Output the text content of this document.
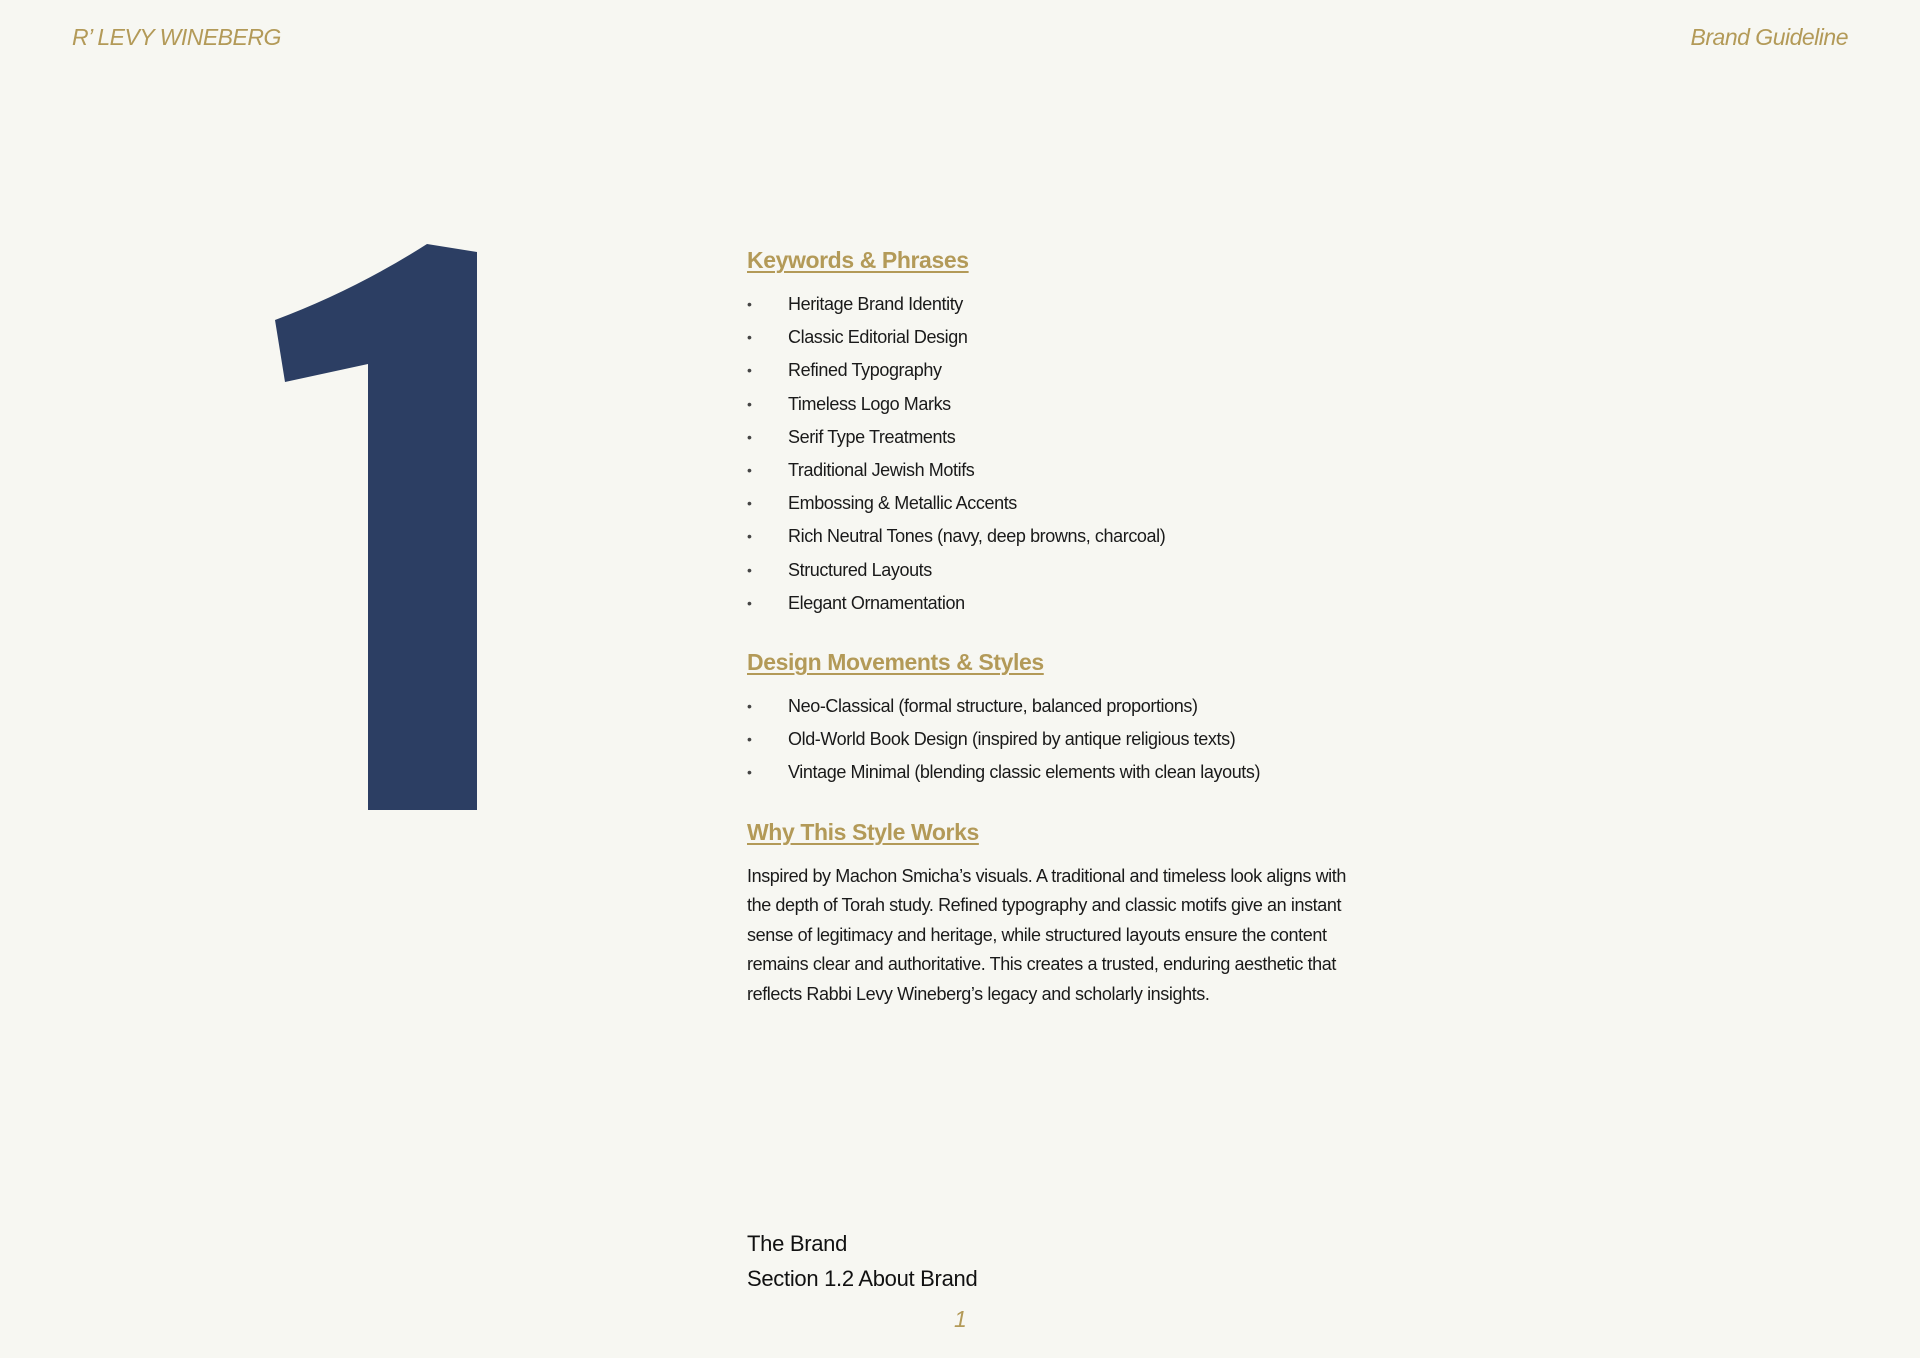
R’ LEVY WINEBERG	Brand Guideline
Keywords & Phrases
• Heritage Brand Identity
• Classic Editorial Design
• Refined Typography
• Timeless Logo Marks
• Serif Type Treatments
• Traditional Jewish Motifs
• Embossing & Metallic Accents
• Rich Neutral Tones (navy, deep browns, charcoal)
• Structured Layouts
• Elegant Ornamentation
Design Movements & Styles
• Neo-Classical (formal structure, balanced proportions)
• Old-World Book Design (inspired by antique religious texts)
• Vintage Minimal (blending classic elements with clean layouts)
Why This Style Works

Inspired by Machon Smicha’s visuals. A traditional and timeless look aligns with the depth of Torah study. Refined typography and classic motifs give an instant sense of legitimacy and heritage, while structured layouts ensure the content remains clear and authoritative. This creates a trusted, enduring aesthetic that reflects Rabbi Levy Wineberg’s legacy and scholarly insights.

The Brand
Section 1.2 About Brand
1
